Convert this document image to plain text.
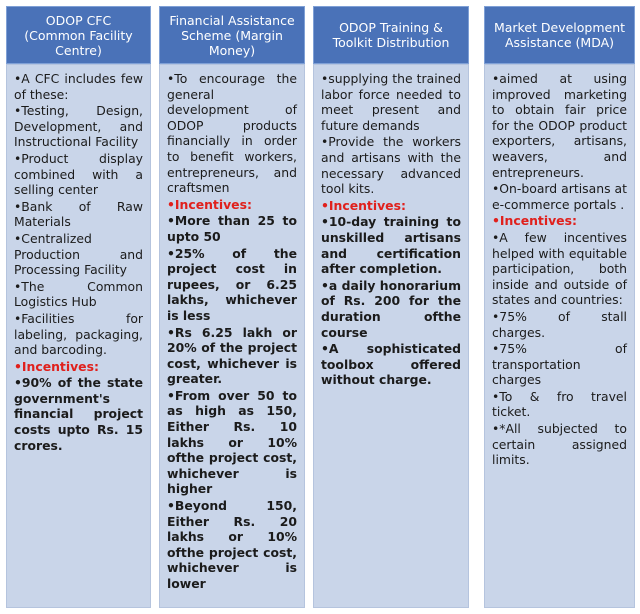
ODOP CFC
(Common Facility
Centre)
•A CFC includes few of these:
•Testing, Design, Development, and Instructional Facility
•Product display combined with a selling center
•Bank of Raw Materials
•Centralized Production and Processing Facility
•The Common Logistics Hub
•Facilities for labeling, packaging, and barcoding.
•Incentives:
•90% of the state government's financial project costs upto Rs. 15 crores.
Financial Assistance
Scheme (Margin
Money)
•To encourage the general development of ODOP products financially in order to benefit workers, entrepreneurs, and craftsmen
•Incentives:
•More than 25 to upto 50
•25% of the project cost in rupees, or 6.25 lakhs, whichever is less
•Rs 6.25 lakh or 20% of the project cost, whichever is greater.
•From over 50 to as high as 150, Either Rs. 10 lakhs or 10% ofthe project cost, whichever is higher
•Beyond 150, Either Rs. 20 lakhs or 10% ofthe project cost, whichever is lower
ODOP Training &
Toolkit Distribution
•supplying the trained labor force needed to meet present and future demands
•Provide the workers and artisans with the necessary advanced tool kits.
•Incentives:
•10-day training to unskilled artisans and certification after completion.
•a daily honorarium of Rs. 200 for the duration ofthe course
•A sophisticated toolbox offered without charge.
Market Development
Assistance (MDA)
•aimed at using improved marketing to obtain fair price for the ODOP product exporters, artisans, weavers, and entrepreneurs.
•On-board artisans at e-commerce portals .
•Incentives:
•A few incentives helped with equitable participation, both inside and outside of states and countries:
•75% of stall charges.
•75% of transportation charges
•To & fro travel ticket.
•*All subjected to certain assigned limits.
